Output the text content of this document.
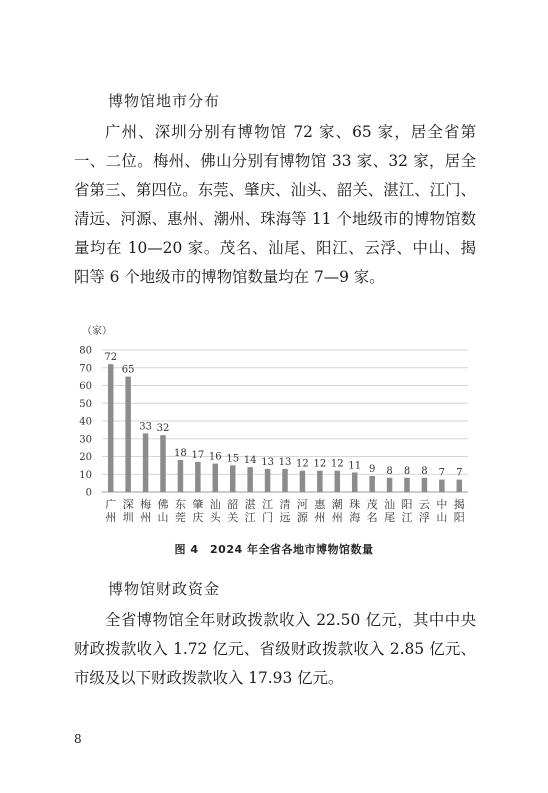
博物馆地市分布

广州、深圳分别有博物馆 72 家、65 家，居全省第一、二位。梅州、佛山分别有博物馆 33 家、32 家，居全省第三、第四位。东莞、肇庆、汕头、韶关、湛江、江门、清远、河源、惠州、潮州、珠海等 11 个地级市的博物馆数量均在 10—20 家。茂名、汕尾、阳江、云浮、中山、揭阳等 6 个地级市的博物馆数量均在 7—9 家。

（家）
0
10
20
30
40
50
60
70
80
72
广州
65
深圳
33
梅州
32
佛山
18
东莞
17
肇庆
16
汕头
15
韶关
14
湛江
13
江门
13
清远
12
河源
12
惠州
12
潮州
11
珠海
9
茂名
8
汕尾
8
阳江
8
云浮
7
中山
7
揭阳
图 4　2024 年全省各地市博物馆数量
博物馆财政资金

全省博物馆全年财政拨款收入 22.50 亿元，其中中央财政拨款收入 1.72 亿元、省级财政拨款收入 2.85 亿元、市级及以下财政拨款收入 17.93 亿元。

8
